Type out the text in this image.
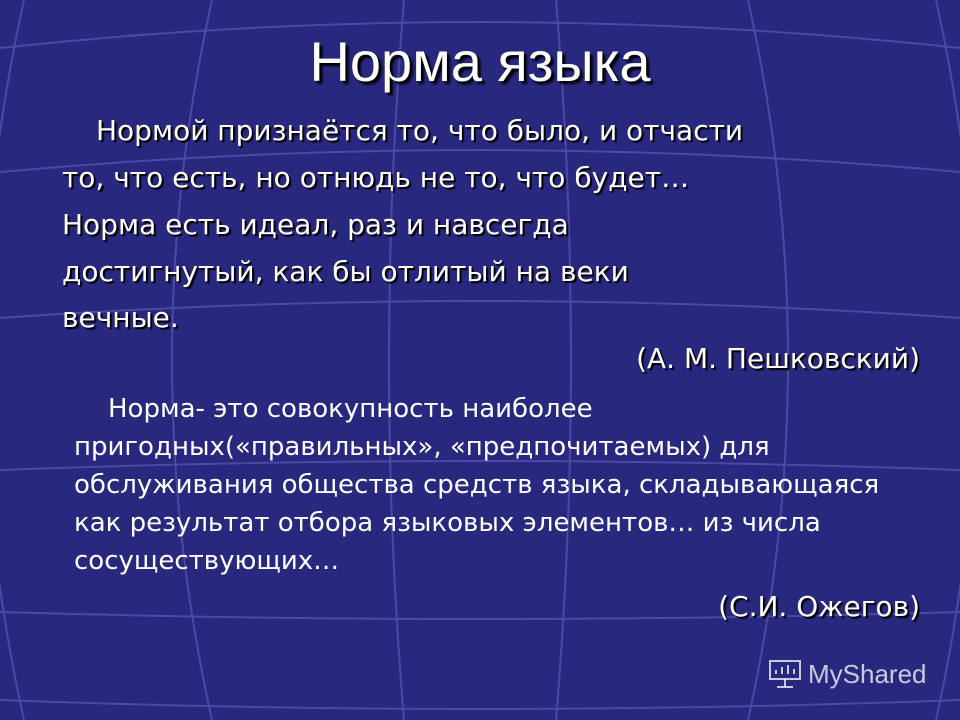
Норма языка
Нормой признаётся то, что было, и отчасти
то, что есть, но отнюдь не то, что будет…
Норма есть идеал, раз и навсегда
достигнутый, как бы отлитый на веки
вечные.
(А. М. Пешковский)
Норма- это совокупность наиболее пригодных(«правильных», «предпочитаемых) для обслуживания общества средств языка, складывающаяся как результат отбора языковых элементов… из числа сосуществующих…
(С.И. Ожегов)
MyShared
